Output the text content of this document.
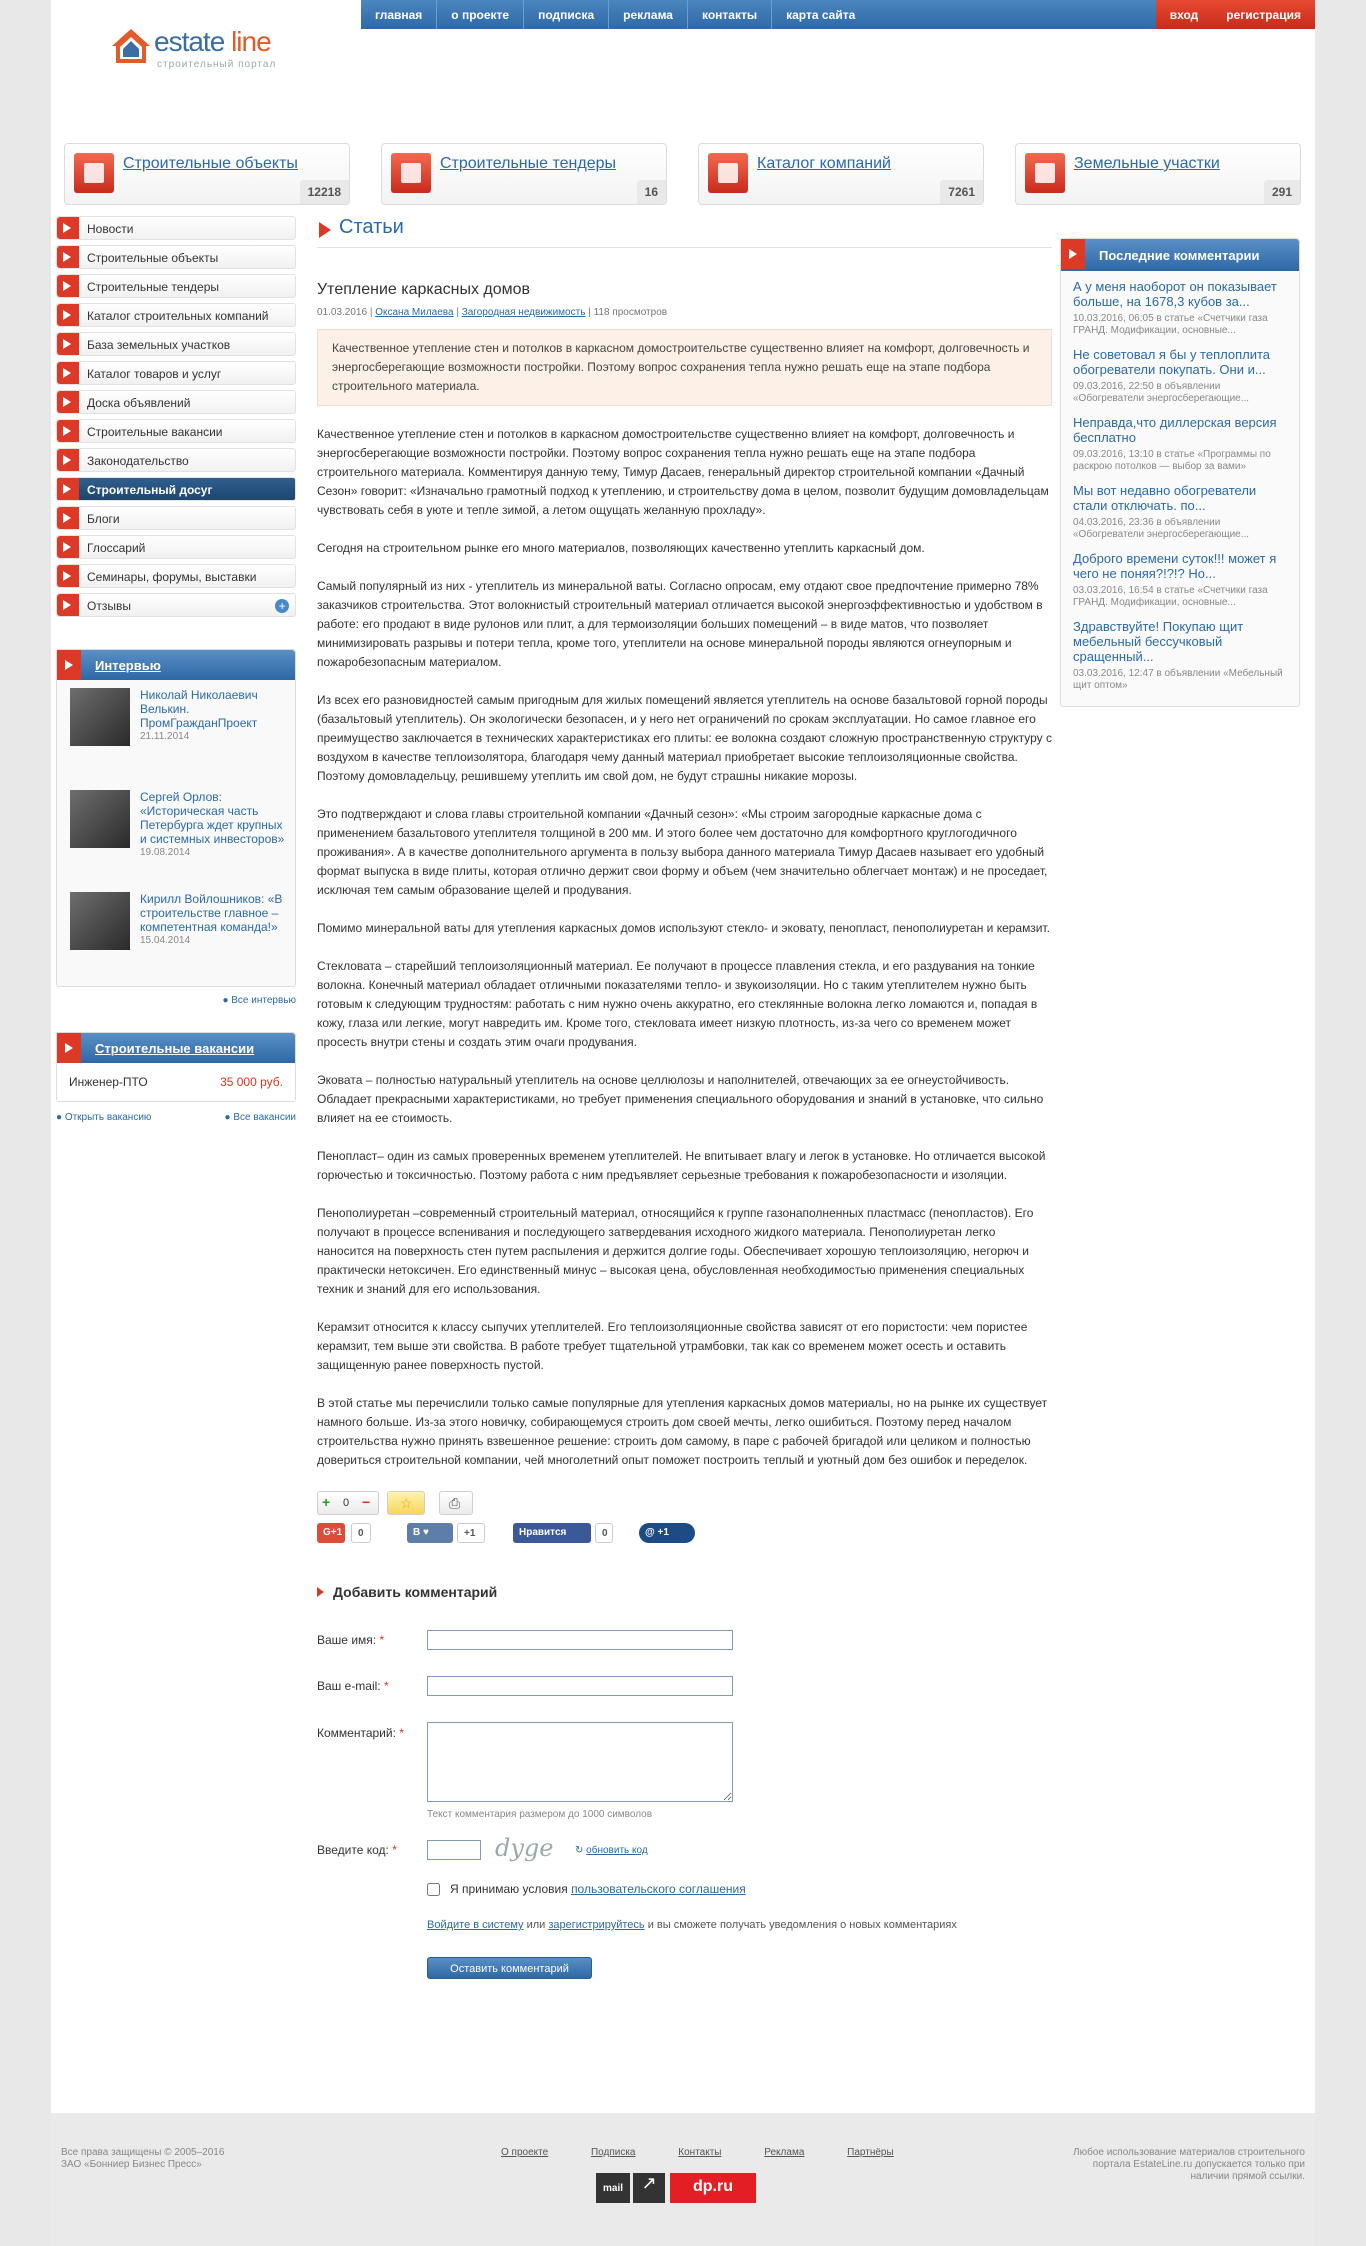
estate line
строительный портал
главная	о проекте	подписка	реклама	контакты	карта сайта	вход	регистрация
Строительные объекты
12218
Строительные тендеры
16
Каталог компаний
7261
Земельные участки
291
Новости
Строительные объекты
Строительные тендеры
Каталог строительных компаний
База земельных участков
Каталог товаров и услуг
Доска объявлений
Строительные вакансии
Законодательство
Строительный досуг
Блоги
Глоссарий
Семинары, форумы, выставки
Отзывы	+
Интервью
Николай Николаевич Велькин. ПромГражданПроект
21.11.2014
Сергей Орлов: «Историческая часть Петербурга ждет крупных и системных инвесторов»
19.08.2014
Кирилл Войлошников: «В строительстве главное – компетентная команда!»
15.04.2014
● Все интервью
Строительные вакансии
Инженер-ПТО	35 000 руб.
● Открыть вакансию	● Все вакансии
Статьи
Утепление каркасных домов
01.03.2016 | Оксана Милаева | Загородная недвижимость | 118 просмотров
Качественное утепление стен и потолков в каркасном домостроительстве существенно влияет на комфорт, долговечность и энергосберегающие возможности постройки. Поэтому вопрос сохранения тепла нужно решать еще на этапе подбора строительного материала.

Качественное утепление стен и потолков в каркасном домостроительстве существенно влияет на комфорт, долговечность и энергосберегающие возможности постройки. Поэтому вопрос сохранения тепла нужно решать еще на этапе подбора строительного материала. Комментируя данную тему, Тимур Дасаев, генеральный директор строительной компании «Дачный Сезон» говорит: «Изначально грамотный подход к утеплению, и строительству дома в целом, позволит будущим домовладельцам чувствовать себя в уюте и тепле зимой, а летом ощущать желанную прохладу».

Сегодня на строительном рынке его много материалов, позволяющих качественно утеплить каркасный дом.

Самый популярный из них - утеплитель из минеральной ваты. Согласно опросам, ему отдают свое предпочтение примерно 78% заказчиков строительства. Этот волокнистый строительный материал отличается высокой энергоэффективностью и удобством в работе: его продают в виде рулонов или плит, а для термоизоляции больших помещений – в виде матов, что позволяет минимизировать разрывы и потери тепла, кроме того, утеплители на основе минеральной породы являются огнеупорным и пожаробезопасным материалом.

Из всех его разновидностей самым пригодным для жилых помещений является утеплитель на основе базальтовой горной породы (базальтовый утеплитель). Он экологически безопасен, и у него нет ограничений по срокам эксплуатации. Но самое главное его преимущество заключается в технических характеристиках его плиты: ее волокна создают сложную пространственную структуру с воздухом в качестве теплоизолятора, благодаря чему данный материал приобретает высокие теплоизоляционные свойства. Поэтому домовладельцу, решившему утеплить им свой дом, не будут страшны никакие морозы.

Это подтверждают и слова главы строительной компании «Дачный сезон»: «Мы строим загородные каркасные дома с применением базальтового утеплителя толщиной в 200 мм. И этого более чем достаточно для комфортного круглогодичного проживания». А в качестве дополнительного аргумента в пользу выбора данного материала Тимур Дасаев называет его удобный формат выпуска в виде плиты, которая отлично держит свои форму и объем (чем значительно облегчает монтаж) и не проседает, исключая тем самым образование щелей и продувания.

Помимо минеральной ваты для утепления каркасных домов используют стекло- и эковату, пенопласт, пенополиуретан и керамзит.

Стекловата – старейший теплоизоляционный материал. Ее получают в процессе плавления стекла, и его раздувания на тонкие волокна. Конечный материал обладает отличными показателями тепло- и звукоизоляции. Но с таким утеплителем нужно быть готовым к следующим трудностям: работать с ним нужно очень аккуратно, его стеклянные волокна легко ломаются и, попадая в кожу, глаза или легкие, могут навредить им. Кроме того, стекловата имеет низкую плотность, из-за чего со временем может просесть внутри стены и создать этим очаги продувания.

Эковата – полностью натуральный утеплитель на основе целлюлозы и наполнителей, отвечающих за ее огнеустойчивость. Обладает прекрасными характеристиками, но требует применения специального оборудования и знаний в установке, что сильно влияет на ее стоимость.

Пенопласт– один из самых проверенных временем утеплителей. Не впитывает влагу и легок в установке. Но отличается высокой горючестью и токсичностью. Поэтому работа с ним предъявляет серьезные требования к пожаробезопасности и изоляции.

Пенополиуретан –современный строительный материал, относящийся к группе газонаполненных пластмасс (пенопластов). Его получают в процессе вспенивания и последующего затвердевания исходного жидкого материала. Пенополиуретан легко наносится на поверхность стен путем распыления и держится долгие годы. Обеспечивает хорошую теплоизоляцию, негорюч и практически нетоксичен. Его единственный минус – высокая цена, обусловленная необходимостью применения специальных техник и знаний для его использования.

Керамзит относится к классу сыпучих утеплителей. Его теплоизоляционные свойства зависят от его пористости: чем пористее керамзит, тем выше эти свойства. В работе требует тщательной утрамбовки, так как со временем может осесть и оставить защищенную ранее поверхность пустой.

В этой статье мы перечислили только самые популярные для утепления каркасных домов материалы, но на рынке их существует намного больше. Из-за этого новичку, собирающемуся строить дом своей мечты, легко ошибиться. Поэтому перед началом строительства нужно принять взвешенное решение: строить дом самому, в паре с рабочей бригадой или целиком и полностью довериться строительной компании, чей многолетний опыт поможет построить теплый и уютный дом без ошибок и переделок.

+ 0 − ☆	⎙
G+1	0	В ♥	+1	Нравится	0	@ +1
Добавить комментарий
Ваше имя: *
Ваш e-mail: *
Комментарий: *
Текст комментария размером до 1000 символов
Введите код: *	dyge ↻ обновить код
Я принимаю условия пользовательского соглашения
Войдите в систему или зарегистрируйтесь и вы сможете получать уведомления о новых комментариях
Оставить комментарий
Последние комментарии
А у меня наоборот он показывает больше, на 1678,3 кубов за...
10.03.2016, 06:05 в статье «Счетчики газа ГРАНД. Модификации, основные...
Не советовал я бы у теплоплита обогреватели покупать. Они и...
09.03.2016, 22:50 в объявлении «Обогреватели энергосберегающие...
Неправда,что диллерская версия бесплатно
09.03.2016, 13:10 в статье «Программы по раскрою потолков — выбор за вами»
Мы вот недавно обогреватели стали отключать. по...
04.03.2016, 23:36 в объявлении «Обогреватели энергосберегающие...
Доброго времени суток!!! может я чего не поняя?!?!? Но...
03.03.2016, 16:54 в статье «Счетчики газа ГРАНД. Модификации, основные...
Здравствуйте! Покупаю щит мебельный бессучковый сращенный...
03.03.2016, 12:47 в объявлении «Мебельный щит оптом»
Все права защищены © 2005–2016
ЗАО «Бонниер Бизнес Пресс»
О проекте	Подписка	Контакты	Реклама	Партнёры	Любое использование материалов строительного портала EstateLine.ru допускается только при наличии прямой ссылки.
mail	↗	dp.ru
